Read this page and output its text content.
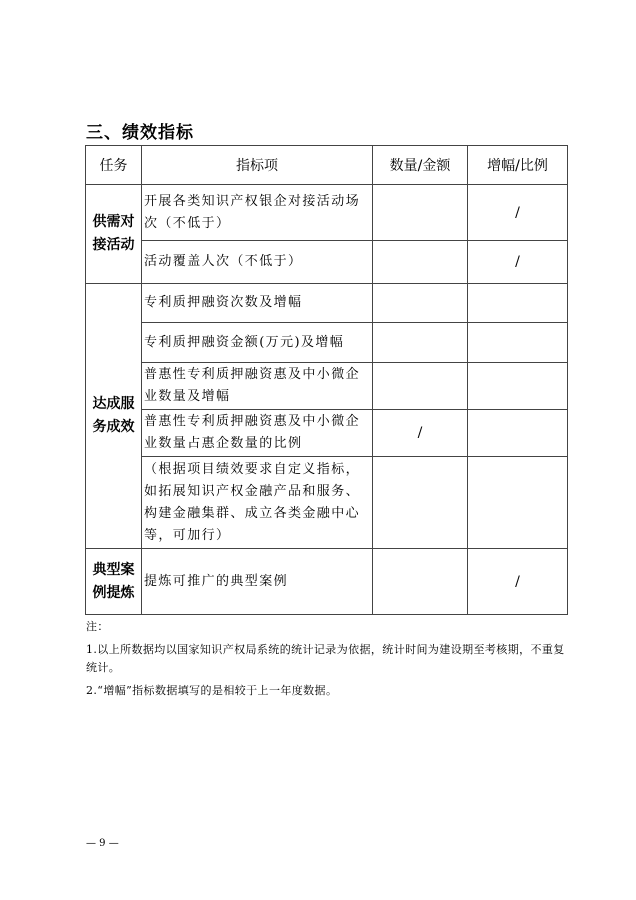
三、绩效指标
任务	指标项	数量/金额	增幅/比例
供需对接活动	开展各类知识产权银企对接活动场次（不低于）		/
	活动覆盖人次（不低于）		/
达成服务成效	专利质押融资次数及增幅		
	专利质押融资金额(万元)及增幅		
	普惠性专利质押融资惠及中小微企业数量及增幅		
	普惠性专利质押融资惠及中小微企业数量占惠企数量的比例	/	
	（根据项目绩效要求自定义指标，如拓展知识产权金融产品和服务、构建金融集群、成立各类金融中心等，可加行）		
典型案例提炼	提炼可推广的典型案例		/

注：

1.以上所数据均以国家知识产权局系统的统计记录为依据，统计时间为建设期至考核期，不重复统计。

2.“增幅”指标数据填写的是相较于上一年度数据。

— 9 —
